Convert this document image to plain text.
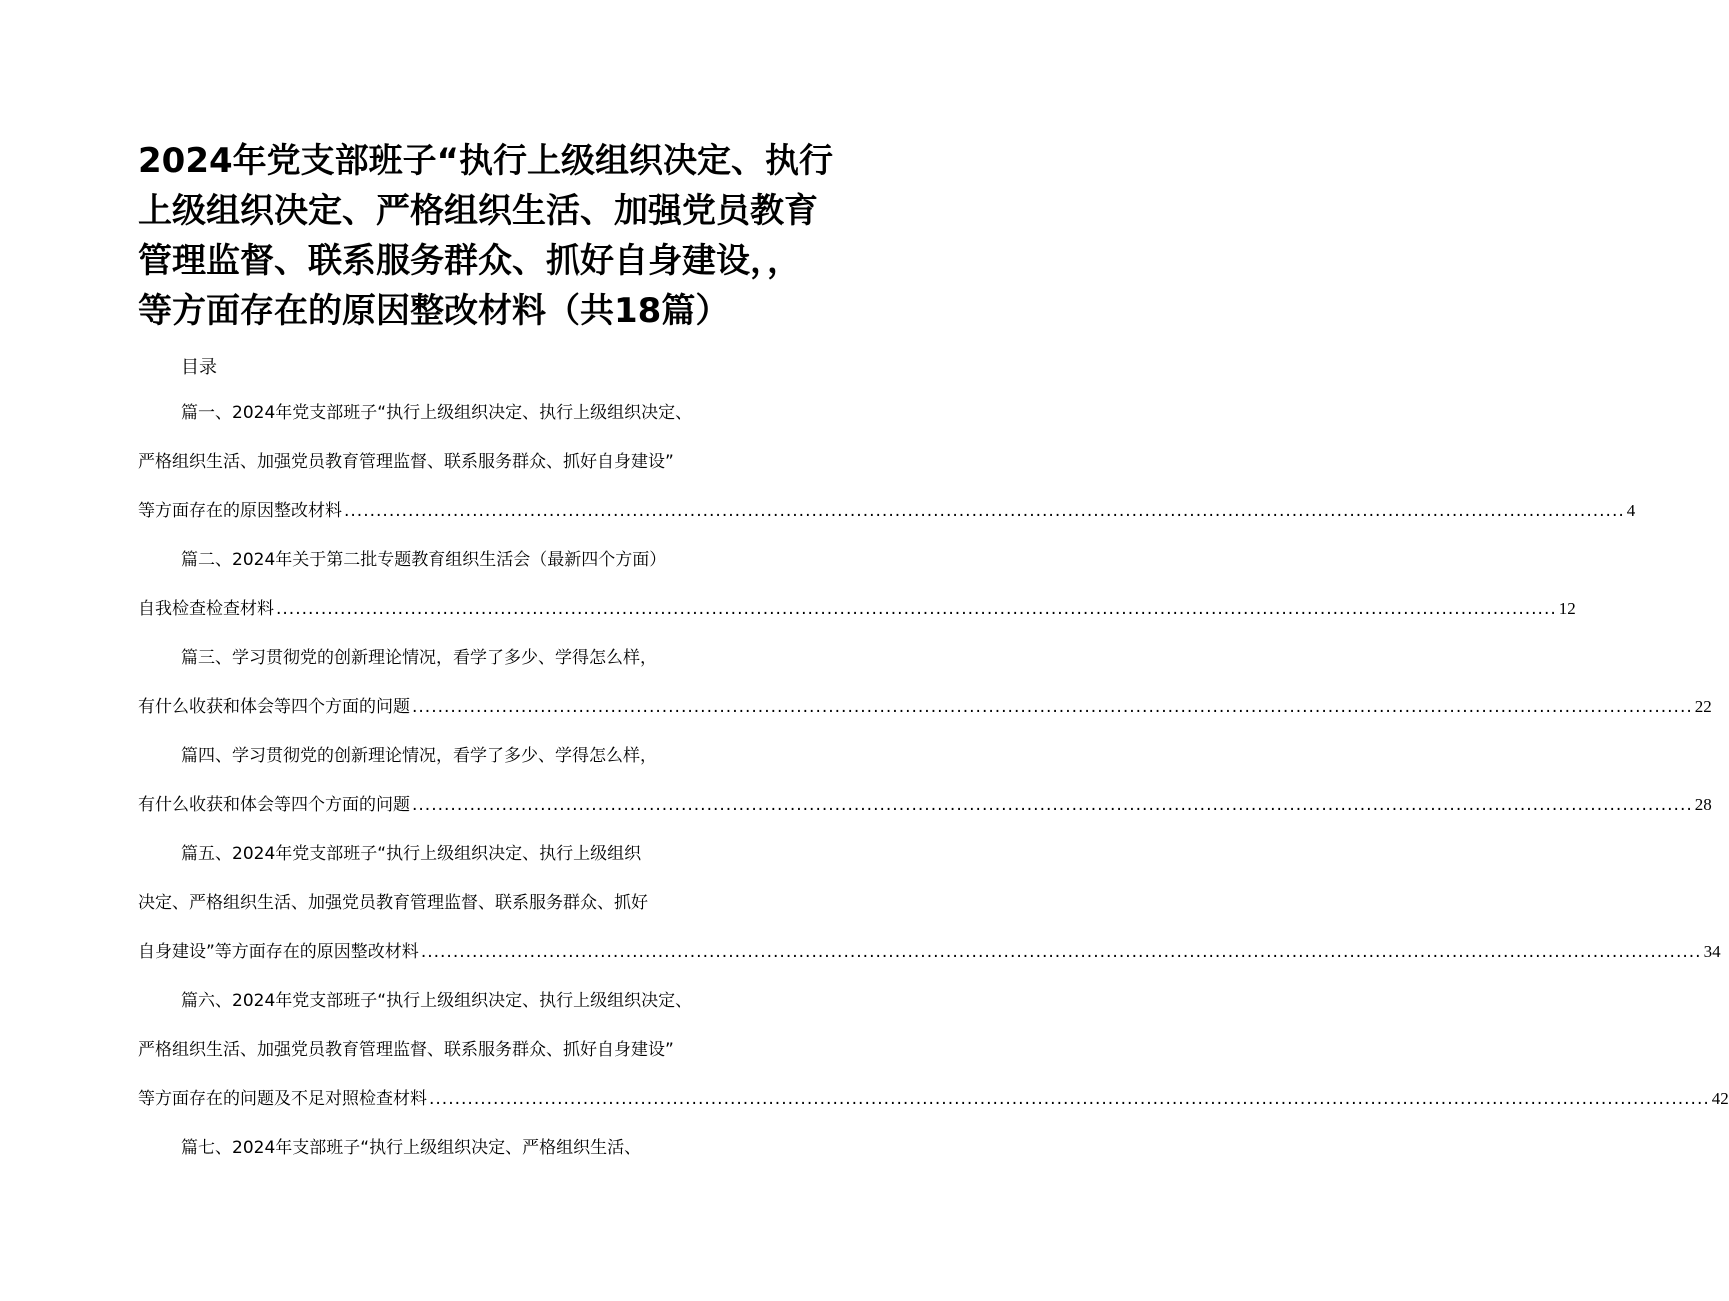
2024年党支部班子“执行上级组织决定、执行
上级组织决定、严格组织生活、加强党员教育
管理监督、联系服务群众、抓好自身建设，，
等方面存在的原因整改材料（共18篇）
目录
篇一、2024年党支部班子“执行上级组织决定、执行上级组织决定、
严格组织生活、加强党员教育管理监督、联系服务群众、抓好自身建设”
等方面存在的原因整改材料 ........................................................................................................................................................................................................ 4
篇二、2024年关于第二批专题教育组织生活会（最新四个方面）
自我检查检查材料 ........................................................................................................................................................................................................ 12
篇三、学习贯彻党的创新理论情况，看学了多少、学得怎么样，
有什么收获和体会等四个方面的问题 ........................................................................................................................................................................................................ 22
篇四、学习贯彻党的创新理论情况，看学了多少、学得怎么样，
有什么收获和体会等四个方面的问题 ........................................................................................................................................................................................................ 28
篇五、2024年党支部班子“执行上级组织决定、执行上级组织
决定、严格组织生活、加强党员教育管理监督、联系服务群众、抓好
自身建设”等方面存在的原因整改材料 ........................................................................................................................................................................................................ 34
篇六、2024年党支部班子“执行上级组织决定、执行上级组织决定、
严格组织生活、加强党员教育管理监督、联系服务群众、抓好自身建设”
等方面存在的问题及不足对照检查材料 ........................................................................................................................................................................................................ 42
篇七、2024年支部班子“执行上级组织决定、严格组织生活、
